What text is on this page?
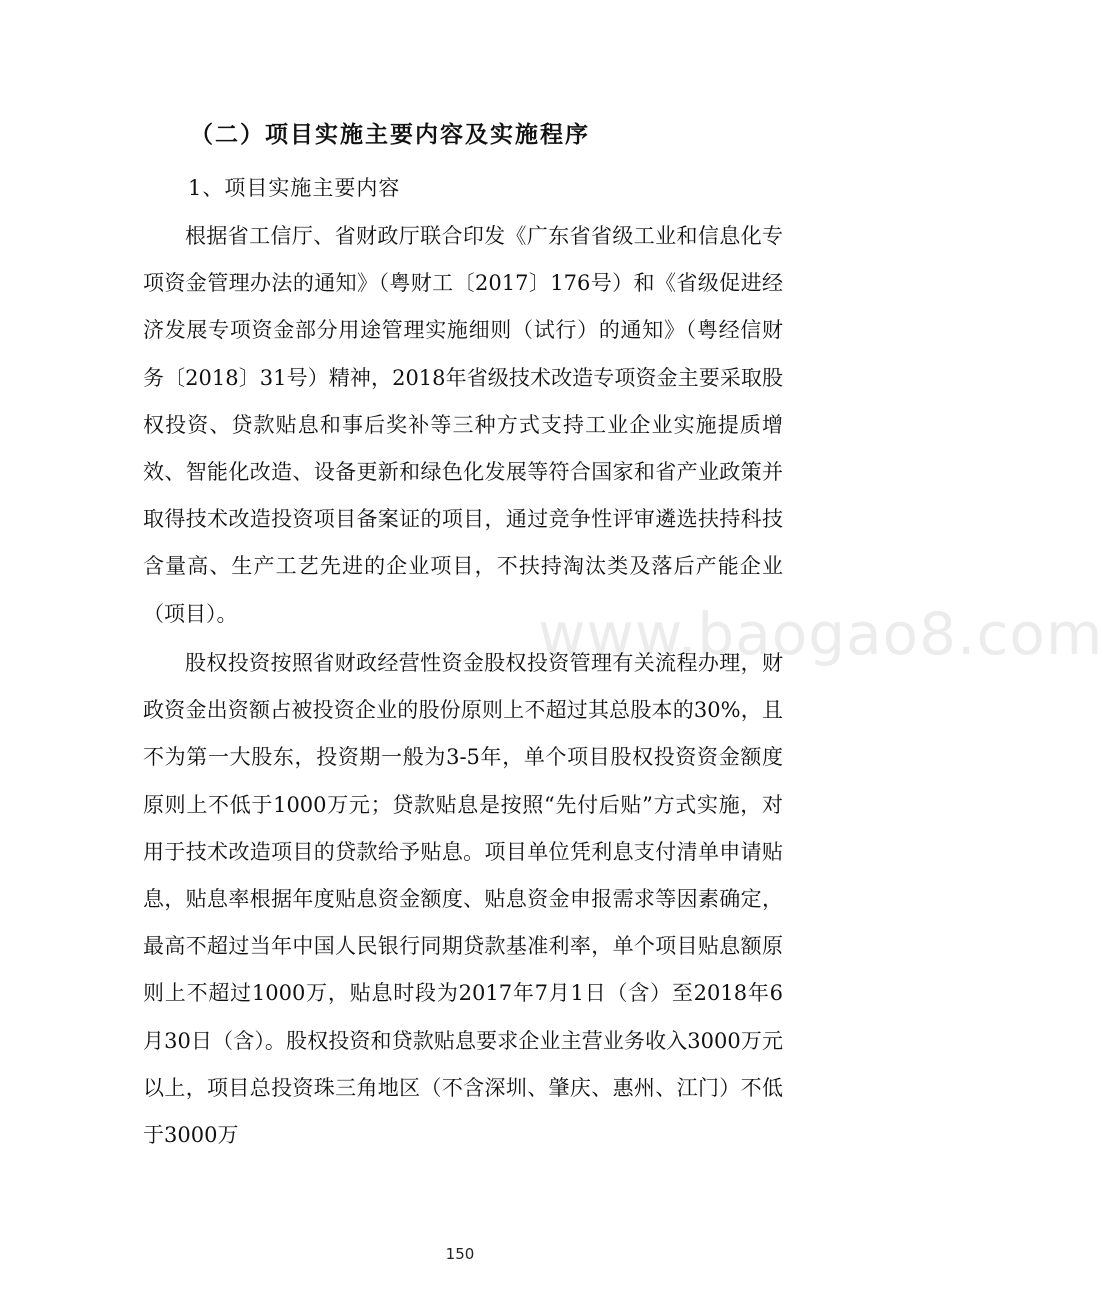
（二）项目实施主要内容及实施程序
1、项目实施主要内容

根据省工信厅、省财政厅联合印发《广东省省级工业和信息化专项资金管理办法的通知》（粤财工〔2017〕176号）和《省级促进经济发展专项资金部分用途管理实施细则（试行）的通知》（粤经信财务〔2018〕31号）精神，2018年省级技术改造专项资金主要采取股权投资、贷款贴息和事后奖补等三种方式支持工业企业实施提质增效、智能化改造、设备更新和绿色化发展等符合国家和省产业政策并取得技术改造投资项目备案证的项目，通过竞争性评审遴选扶持科技含量高、生产工艺先进的企业项目，不扶持淘汰类及落后产能企业（项目）。

股权投资按照省财政经营性资金股权投资管理有关流程办理，财政资金出资额占被投资企业的股份原则上不超过其总股本的30%，且不为第一大股东，投资期一般为3-5年，单个项目股权投资资金额度原则上不低于1000万元；贷款贴息是按照“先付后贴”方式实施，对用于技术改造项目的贷款给予贴息。项目单位凭利息支付清单申请贴息，贴息率根据年度贴息资金额度、贴息资金申报需求等因素确定，最高不超过当年中国人民银行同期贷款基准利率，单个项目贴息额原则上不超过1000万，贴息时段为2017年7月1日（含）至2018年6月30日（含）。股权投资和贷款贴息要求企业主营业务收入3000万元以上，项目总投资珠三角地区（不含深圳、肇庆、惠州、江门）不低于3000万

www.baogao8.com
150
